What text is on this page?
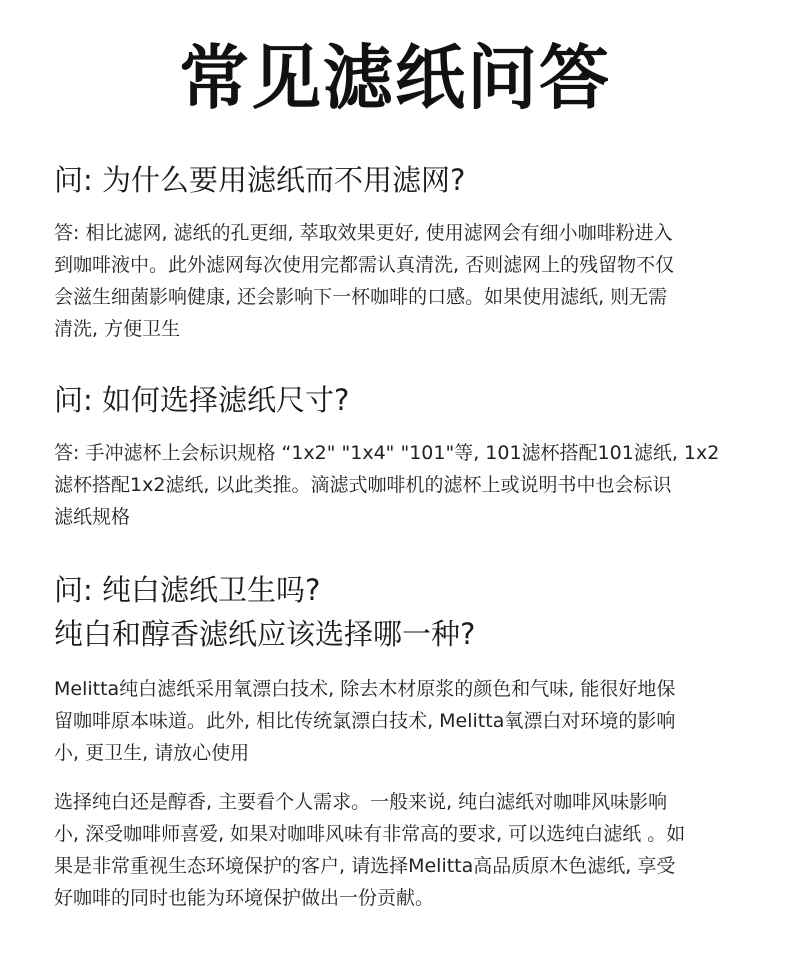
常见滤纸问答
问: 为什么要用滤纸而不用滤网?
答: 相比滤网, 滤纸的孔更细, 萃取效果更好, 使用滤网会有细小咖啡粉进入
到咖啡液中。此外滤网每次使用完都需认真清洗, 否则滤网上的残留物不仅
会滋生细菌影响健康, 还会影响下一杯咖啡的口感。如果使用滤纸, 则无需
清洗, 方便卫生
问: 如何选择滤纸尺寸?
答: 手冲滤杯上会标识规格 “1x2" "1x4" "101"等, 101滤杯搭配101滤纸, 1x2
滤杯搭配1x2滤纸, 以此类推。滴滤式咖啡机的滤杯上或说明书中也会标识
滤纸规格
问: 纯白滤纸卫生吗?
纯白和醇香滤纸应该选择哪一种?
Melitta纯白滤纸采用氧漂白技术, 除去木材原浆的颜色和气味, 能很好地保
留咖啡原本味道。此外, 相比传统氯漂白技术, Melitta氧漂白对环境的影响
小, 更卫生, 请放心使用
选择纯白还是醇香, 主要看个人需求。一般来说, 纯白滤纸对咖啡风味影响
小, 深受咖啡师喜爱, 如果对咖啡风味有非常高的要求, 可以选纯白滤纸 。如
果是非常重视生态环境保护的客户, 请选择Melitta高品质原木色滤纸, 享受
好咖啡的同时也能为环境保护做出一份贡献。
